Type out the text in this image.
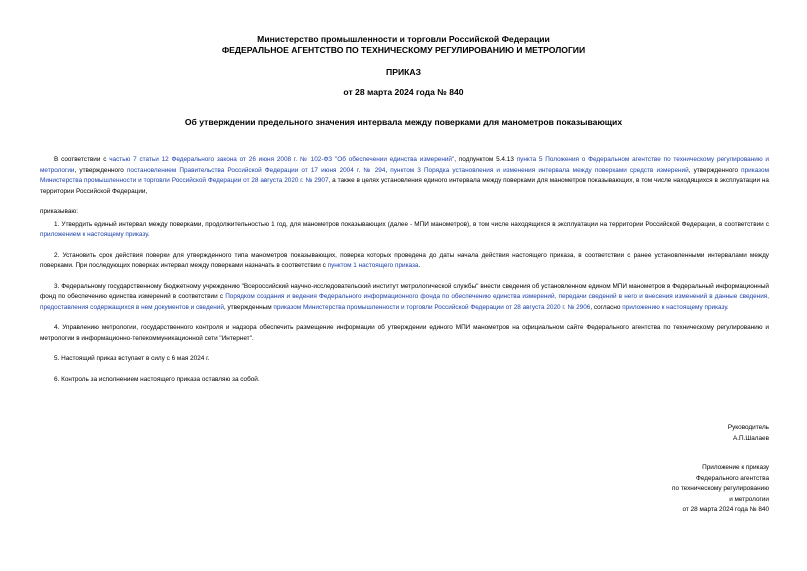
Министерство промышленности и торговли Российской Федерации
ФЕДЕРАЛЬНОЕ АГЕНТСТВО ПО ТЕХНИЧЕСКОМУ РЕГУЛИРОВАНИЮ И МЕТРОЛОГИИ
ПРИКАЗ
от 28 марта 2024 года № 840
Об утверждении предельного значения интервала между поверками для манометров показывающих

В соответствии с частью 7 статьи 12 Федерального закона от 26 июня 2008 г. № 102-ФЗ "Об обеспечении единства измерений", подпунктом 5.4.13 пункта 5 Положения о Федеральном агентстве по техническому регулированию и метрологии, утвержденного постановлением Правительства Российской Федерации от 17 июня 2004 г. № 294, пунктом 3 Порядка установления и изменения интервала между поверками средств измерений, утвержденного приказом Министерства промышленности и торговли Российской Федерации от 28 августа 2020 г. № 2907, а также в целях установления единого интервала между поверками для манометров показывающих, в том числе находящихся в эксплуатации на территории Российской Федерации,

приказываю:

1. Утвердить единый интервал между поверками, продолжительностью 1 год, для манометров показывающих (далее - МПИ манометров), в том числе находящихся в эксплуатации на территории Российской Федерации, в соответствии с приложением к настоящему приказу.

2. Установить срок действия поверки для утвержденного типа манометров показывающих, поверка которых проведена до даты начала действия настоящего приказа, в соответствии с ранее установленными интервалами между поверками. При последующих поверках интервал между поверками назначать в соответствии с пунктом 1 настоящего приказа.

3. Федеральному государственному бюджетному учреждению "Всероссийский научно-исследовательский институт метрологической службы" внести сведения об установленном едином МПИ манометров в Федеральный информационный фонд по обеспечению единства измерений в соответствии с Порядком создания и ведения Федерального информационного фонда по обеспечению единства измерений, передачи сведений в него и внесения изменений в данные сведения, предоставления содержащихся в нем документов и сведений, утвержденным приказом Министерства промышленности и торговли Российской Федерации от 28 августа 2020 г. № 2906, согласно приложению к настоящему приказу.

4. Управлению метрологии, государственного контроля и надзора обеспечить размещение информации об утверждении единого МПИ манометров на официальном сайте Федерального агентства по техническому регулированию и метрологии в информационно-телекоммуникационной сети "Интернет".

5. Настоящий приказ вступает в силу с 6 мая 2024 г.

6. Контроль за исполнением настоящего приказа оставляю за собой.

Руководитель
А.П.Шалаев
Приложение к приказу
Федерального агентства
по техническому регулированию
и метрологии
от 28 марта 2024 года № 840
